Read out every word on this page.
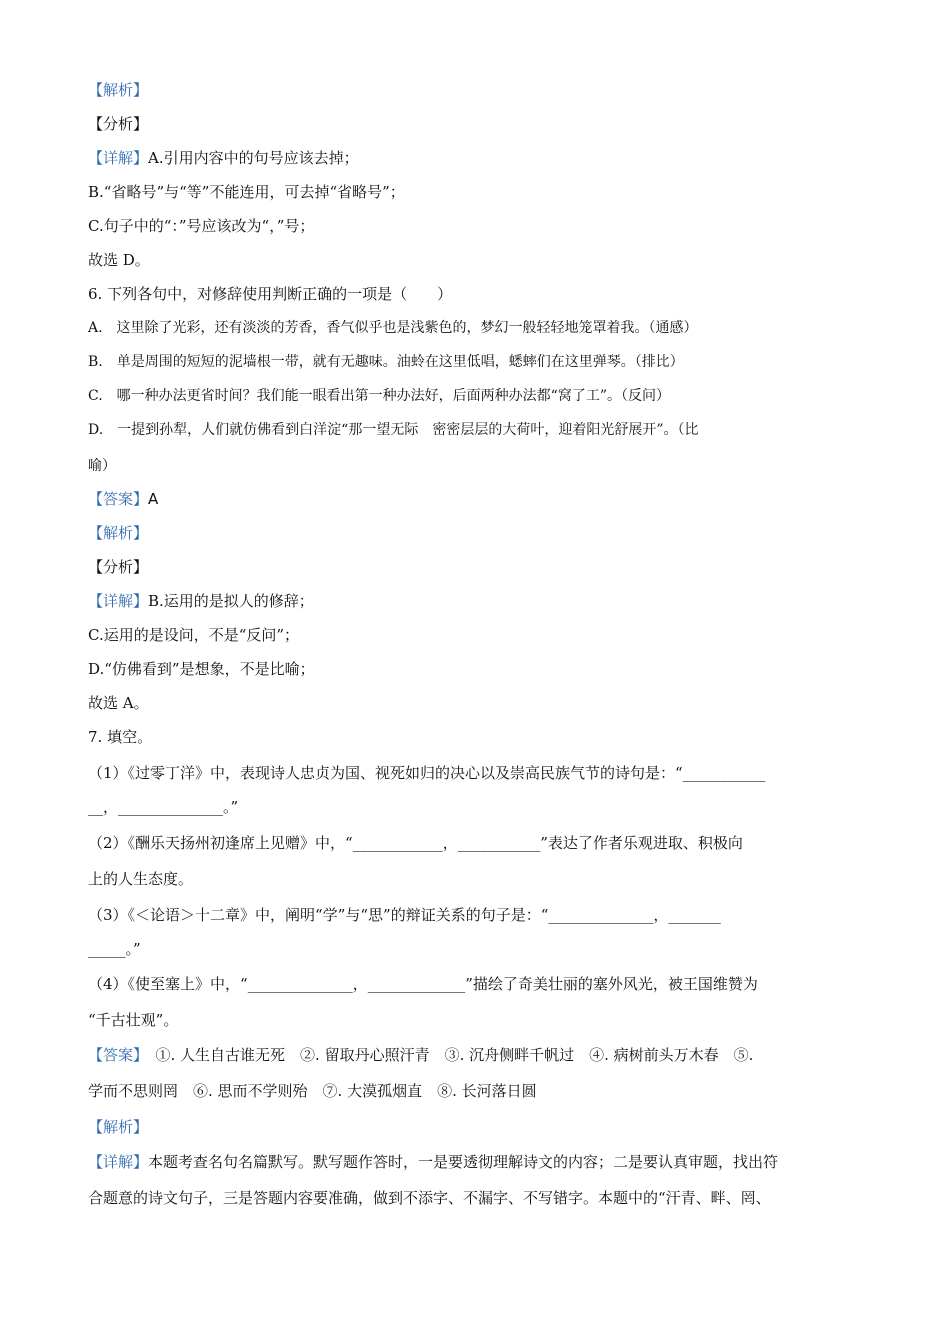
【解析】
【分析】
【详解】A.引用内容中的句号应该去掉；
B.“省略号”与“等”不能连用，可去掉“省略号”；
C.句子中的“：”号应该改为“，”号；
故选 D。
6. 下列各句中，对修辞使用判断正确的一项是（　　）
A.　这里除了光彩，还有淡淡的芳香，香气似乎也是浅紫色的，梦幻一般轻轻地笼罩着我。（通感）
B.　单是周围的短短的泥墙根一带，就有无趣味。油蛉在这里低唱，蟋蟀们在这里弹琴。（排比）
C.　哪一种办法更省时间？我们能一眼看出第一种办法好，后面两种办法都“窝了工”。（反问）
D.　一提到孙犁，人们就仿佛看到白洋淀“那一望无际　密密层层的大荷叶，迎着阳光舒展开”。（比
喻）
【答案】A
【解析】
【分析】
【详解】B.运用的是拟人的修辞；
C.运用的是设问，不是“反问”；
D.“仿佛看到”是想象，不是比喻；
故选 A。
7. 填空。
（1）《过零丁洋》中，表现诗人忠贞为国、视死如归的决心以及崇高民族气节的诗句是：“___________
__，______________。”
（2）《酬乐天扬州初逢席上见赠》中，“____________，___________”表达了作者乐观进取、积极向
上的人生态度。
（3）《＜论语＞十二章》中，阐明“学”与“思”的辩证关系的句子是：“______________，_______
_____。”
（4）《使至塞上》中，“______________，_____________”描绘了奇美壮丽的塞外风光，被王国维赞为
“千古壮观”。
【答案】　①. 人生自古谁无死　②. 留取丹心照汗青　③. 沉舟侧畔千帆过　④. 病树前头万木春　⑤.
学而不思则罔　⑥. 思而不学则殆　⑦. 大漠孤烟直　⑧. 长河落日圆
【解析】
【详解】本题考查名句名篇默写。默写题作答时，一是要透彻理解诗文的内容；二是要认真审题，找出符
合题意的诗文句子，三是答题内容要准确，做到不添字、不漏字、不写错字。本题中的“汗青、畔、罔、
